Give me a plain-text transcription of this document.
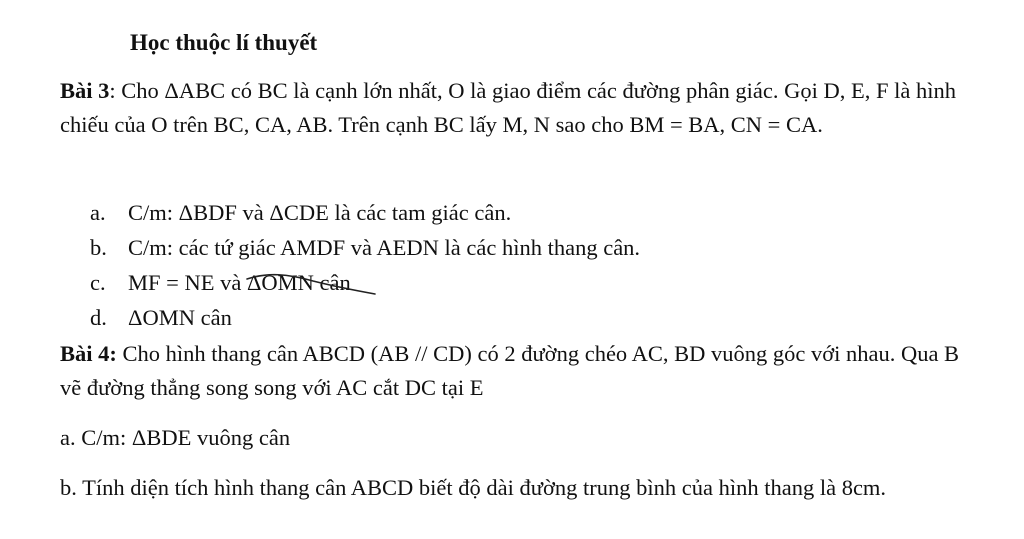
Học thuộc lí thuyết

Bài 3: Cho ΔABC có BC là cạnh lớn nhất, O là giao điểm các đường phân giác. Gọi D, E, F là hình chiếu của O trên BC, CA, AB. Trên cạnh BC lấy M, N sao cho BM = BA, CN = CA.

a. C/m: ΔBDF và ΔCDE là các tam giác cân.
b. C/m: các tứ giác AMDF và AEDN là các hình thang cân.
c. MF = NE và ΔOMN cân
d. ΔOMN cân

Bài 4: Cho hình thang cân ABCD (AB // CD) có 2 đường chéo AC, BD vuông góc với nhau. Qua B vẽ đường thẳng song song với AC cắt DC tại E

a. C/m: ΔBDE vuông cân

b. Tính diện tích hình thang cân ABCD biết độ dài đường trung bình của hình thang là 8cm.
